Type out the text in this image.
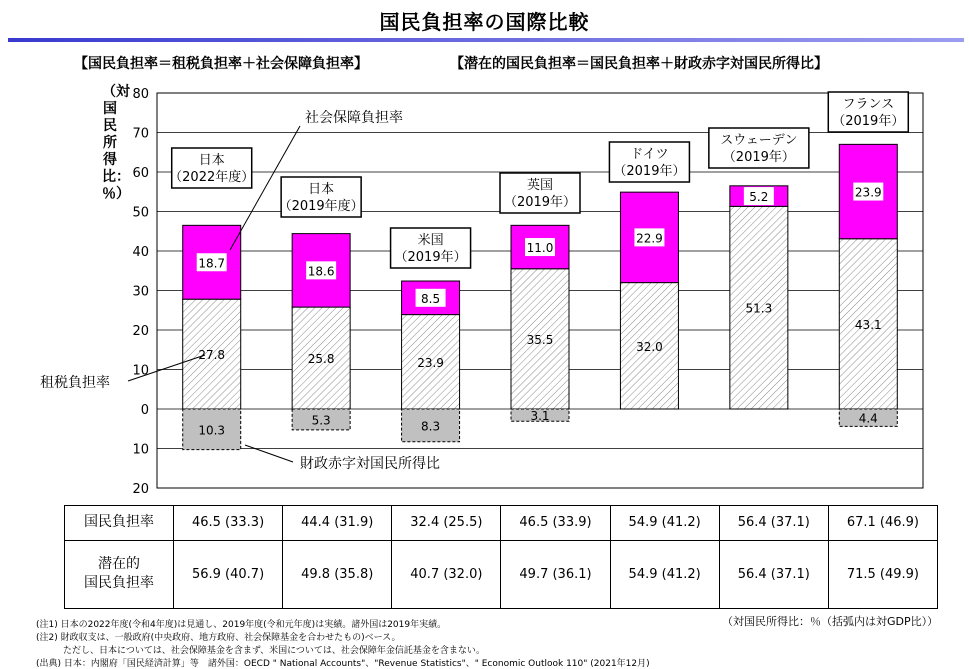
国民負担率の国際比較
【国民負担率＝租税負担率＋社会保障負担率】	【潜在的国民負担率＝国民負担率＋財政赤字対国民所得比】
（対国民所得比：％）
80
70
60
50
40
30
20
10
0
10
20
27.8
18.7
10.3
日本
（2022年度）
25.8
18.6
5.3
日本
（2019年度）
23.9
8.5
8.3
米国
（2019年）
35.5
11.0
3.1
英国
（2019年）
32.0
22.9
ドイツ
（2019年）
51.3
5.2
スウェーデン
（2019年）
43.1
23.9
4.4
フランス
（2019年）
社会保障負担率
租税負担率
財政赤字対国民所得比
国民負担率	46.5 (33.3)	44.4 (31.9)	32.4 (25.5)	46.5 (33.9)	54.9 (41.2)	56.4 (37.1)	67.1 (46.9)

潜在的
国民負担率	56.9 (40.7)	49.8 (35.8)	40.7 (32.0)	49.7 (36.1)	54.9 (41.2)	56.4 (37.1)	71.5 (49.9)
（対国民所得比：％（括弧内は対GDP比））
(注1) 日本の2022年度(令和4年度)は見通し、2019年度(令和元年度)は実績。諸外国は2019年実績。
(注2) 財政収支は、一般政府(中央政府、地方政府、社会保障基金を合わせたもの)ベース。
　　　ただし、日本については、社会保障基金を含まず、米国については、社会保障年金信託基金を含まない。
(出典) 日本：内閣府「国民経済計算」等　諸外国：OECD " National Accounts"、"Revenue Statistics"、" Economic Outlook 110" (2021年12月)
